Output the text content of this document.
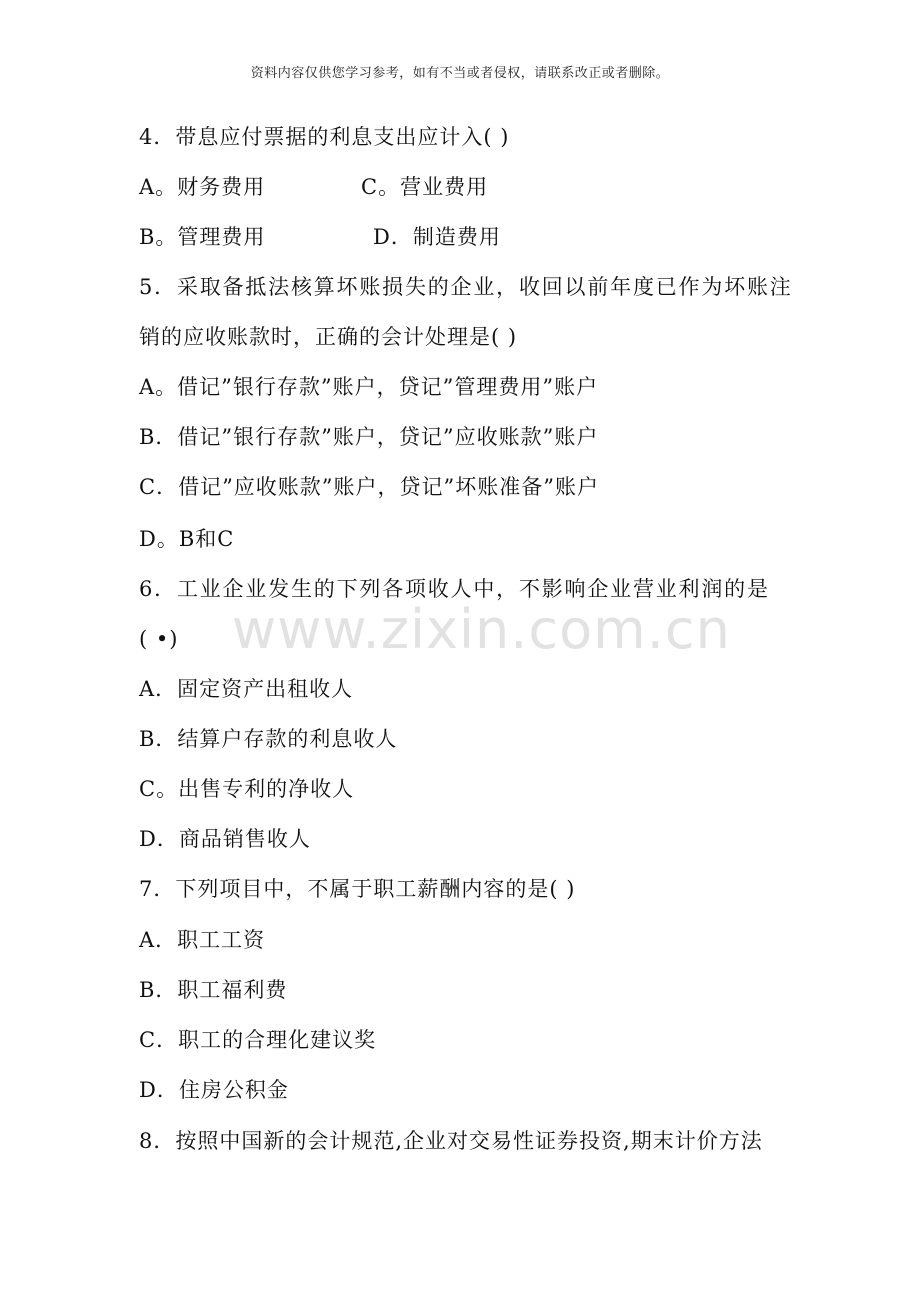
资料内容仅供您学习参考，如有不当或者侵权，请联系改正或者删除。
www.zixin.com.cn
4．带息应付票据的利息支出应计入( )
A。财务费用	C。营业费用
B。管理费用	D．制造费用
5．采取备抵法核算坏账损失的企业，收回以前年度已作为坏账注
销的应收账款时，正确的会计处理是( )
A。借记”银行存款”账户，贷记”管理费用”账户
B．借记”银行存款”账户，贷记”应收账款”账户
C．借记”应收账款”账户，贷记”坏账准备”账户
D。B和C
6．工业企业发生的下列各项收人中，不影响企业营业利润的是
( •)
A．固定资产出租收人
B．结算户存款的利息收人
C。出售专利的净收人
D．商品销售收人
7．下列项目中，不属于职工薪酬内容的是( )
A．职工工资
B．职工福利费
C．职工的合理化建议奖
D．住房公积金
8．按照中国新的会计规范,企业对交易性证券投资,期末计价方法
